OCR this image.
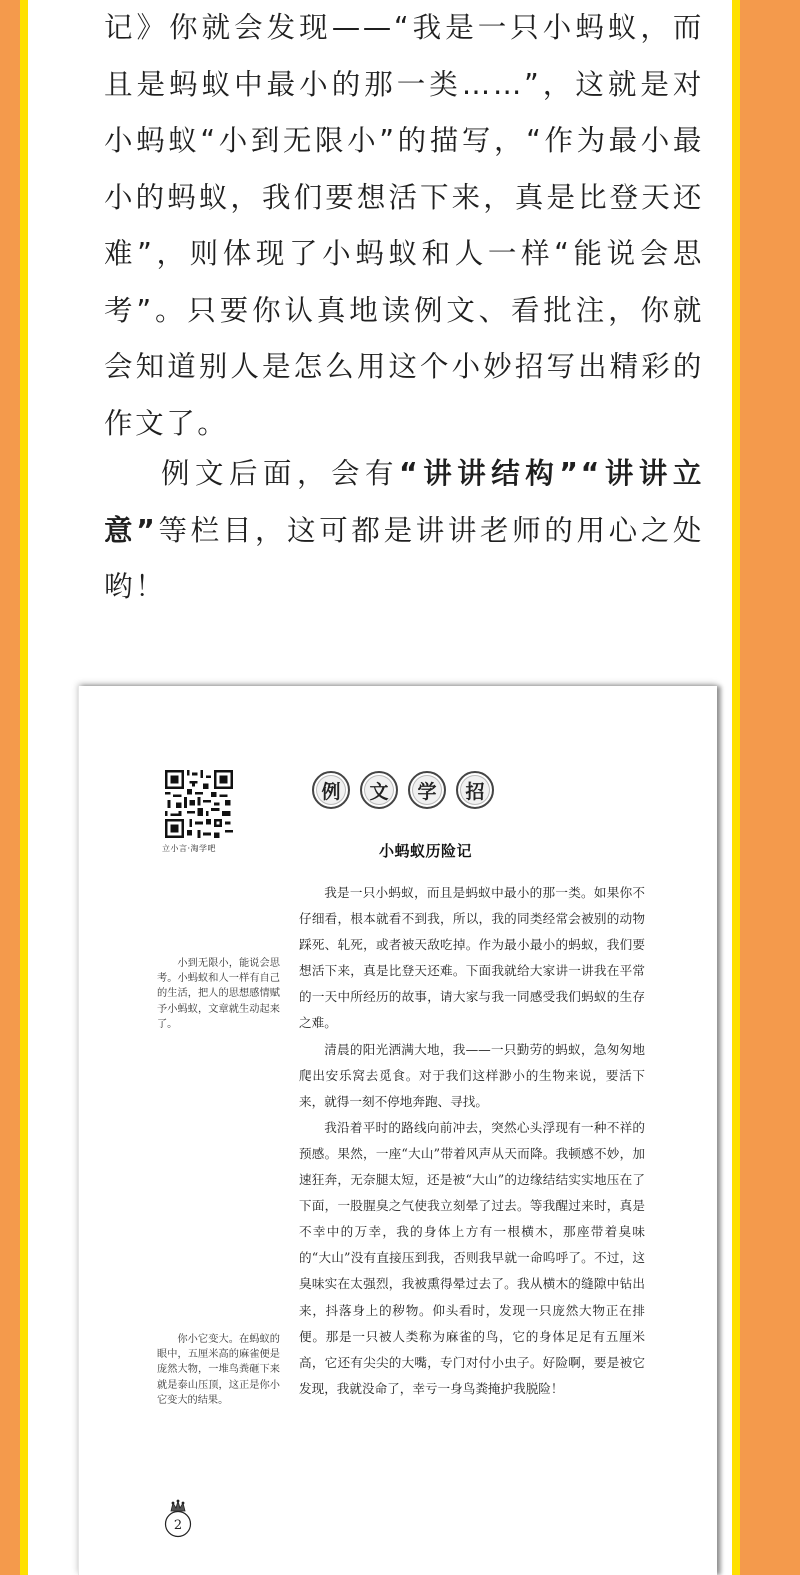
记》你就会发现——“我是一只小蚂蚁，而且是蚂蚁中最小的那一类……”，这就是对小蚂蚁“小到无限小”的描写，“作为最小最小的蚂蚁，我们要想活下来，真是比登天还难”，则体现了小蚂蚁和人一样“能说会思考”。只要你认真地读例文、看批注，你就会知道别人是怎么用这个小妙招写出精彩的作文了。

例文后面，会有“讲讲结构”“讲讲立意”等栏目，这可都是讲讲老师的用心之处哟！

立小言·淘学吧
例	文	学	招
小蚂蚁历险记

我是一只小蚂蚁，而且是蚂蚁中最小的那一类。如果你不仔细看，根本就看不到我，所以，我的同类经常会被别的动物踩死、轧死，或者被天敌吃掉。作为最小最小的蚂蚁，我们要想活下来，真是比登天还难。下面我就给大家讲一讲我在平常的一天中所经历的故事，请大家与我一同感受我们蚂蚁的生存之难。

清晨的阳光洒满大地，我——一只勤劳的蚂蚁，急匆匆地爬出安乐窝去觅食。对于我们这样渺小的生物来说，要活下来，就得一刻不停地奔跑、寻找。

我沿着平时的路线向前冲去，突然心头浮现有一种不祥的预感。果然，一座“大山”带着风声从天而降。我顿感不妙，加速狂奔，无奈腿太短，还是被“大山”的边缘结结实实地压在了下面，一股腥臭之气使我立刻晕了过去。等我醒过来时，真是不幸中的万幸，我的身体上方有一根横木，那座带着臭味的“大山”没有直接压到我，否则我早就一命呜呼了。不过，这臭味实在太强烈，我被熏得晕过去了。我从横木的缝隙中钻出来，抖落身上的秽物。仰头看时，发现一只庞然大物正在排便。那是一只被人类称为麻雀的鸟，它的身体足足有五厘米高，它还有尖尖的大嘴，专门对付小虫子。好险啊，要是被它发现，我就没命了，幸亏一身鸟粪掩护我脱险！

小到无限小，能说会思考。小蚂蚁和人一样有自己的生活，把人的思想感情赋予小蚂蚁，文章就生动起来了。
你小它变大。在蚂蚁的眼中，五厘米高的麻雀便是庞然大物，一堆鸟粪砸下来就是泰山压顶，这正是你小它变大的结果。
2
